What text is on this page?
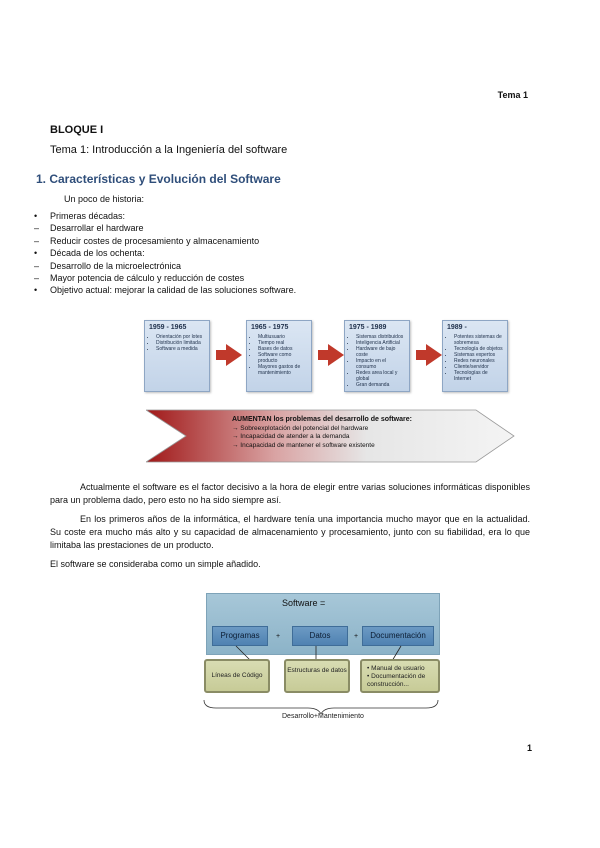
Tema 1
BLOQUE I
Tema 1: Introducción a la Ingeniería del software
1. Características y Evolución del Software
Un poco de historia:
• Primeras décadas:
– Desarrollar el hardware
– Reducir costes de procesamiento y almacenamiento
• Década de los ochenta:
– Desarrollo de la microelectrónica
– Mayor potencia de cálculo y reducción de costes
• Objetivo actual: mejorar la calidad de las soluciones software.
1959 - 1965
• Orientación por lotes
• Distribución limitada
• Software a medida
1965 - 1975
• Multiusuario
• Tiempo real
• Bases de datos
• Software como producto
• Mayores gastos de mantenimiento
1975 - 1989
• Sistemas distribuidos
• Inteligencia Artificial
• Hardware de bajo coste
• Impacto en el consumo
• Redes area local y global
• Gran demanda
1989 -
• Potentes sistemas de sobremesa
• Tecnología de objetos
• Sistemas expertos
• Redes neuronales
• Cliente/servidor
• Tecnologías de Internet
AUMENTAN los problemas del desarrollo de software:
→ Sobreexplotación del potencial del hardware
→ Incapacidad de atender a la demanda
→ Incapacidad de mantener el software existente

Actualmente el software es el factor decisivo a la hora de elegir entre varias soluciones informáticas disponibles para un problema dado, pero esto no ha sido siempre así.

En los primeros años de la informática, el hardware tenía una importancia mucho mayor que en la actualidad. Su coste era mucho más alto y su capacidad de almacenamiento y procesamiento, junto con su fiabilidad, era lo que limitaba las prestaciones de un producto.

El software se consideraba como un simple añadido.

Software =
Programas	+	Datos	+	Documentación
Líneas de Código
Estructuras de datos	• Manual de usuario
• Documentación de construcción...
Desarrollo+Mantenimiento
1
